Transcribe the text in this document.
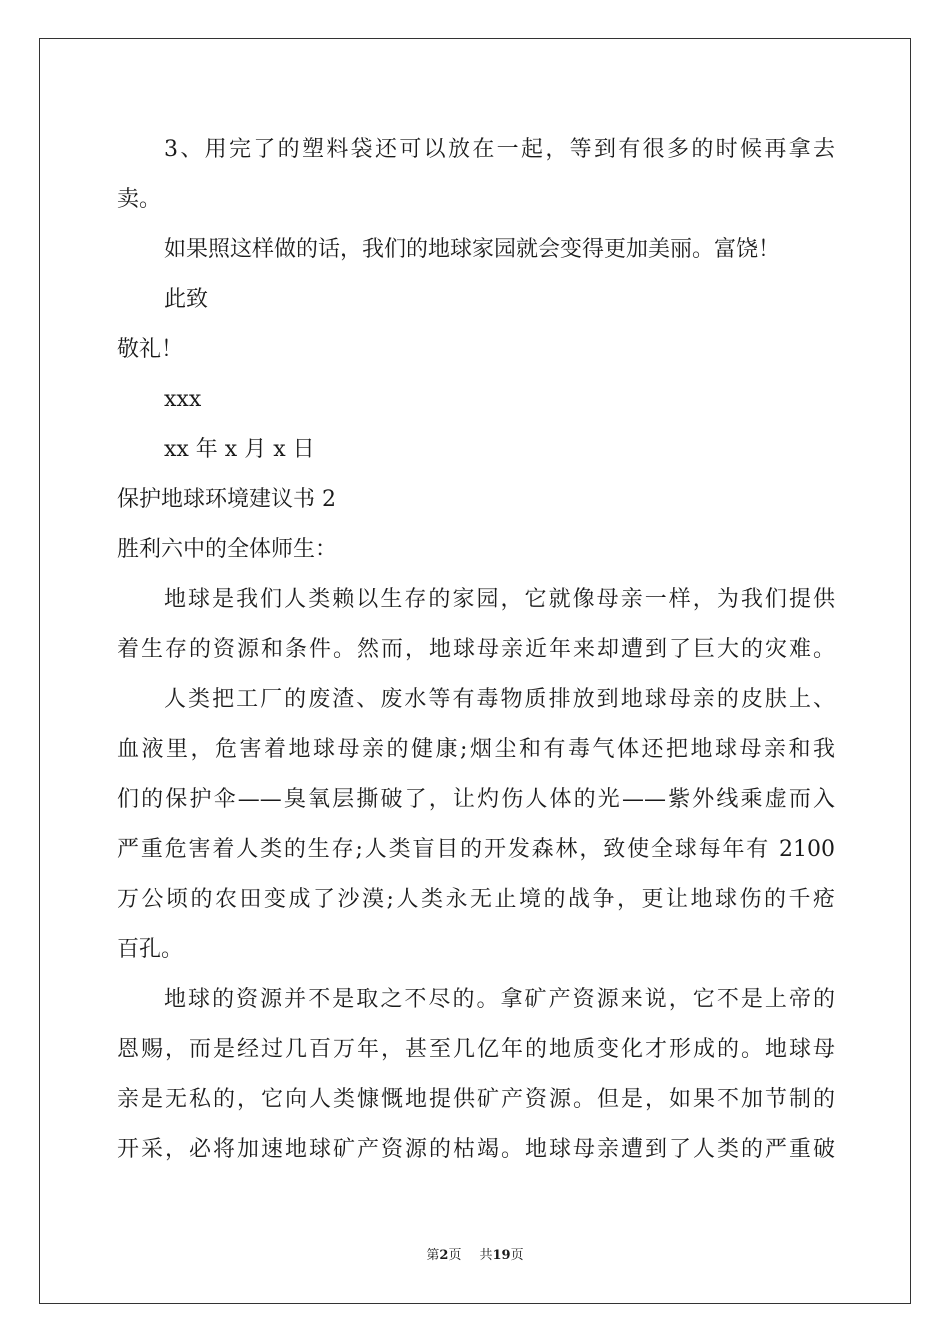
3、用完了的塑料袋还可以放在一起，等到有很多的时候再拿去
卖。
如果照这样做的话，我们的地球家园就会变得更加美丽。富饶！
此致
敬礼！
xxx
xx 年 x 月 x 日
保护地球环境建议书 2
胜利六中的全体师生：
地球是我们人类赖以生存的家园，它就像母亲一样，为我们提供
着生存的资源和条件。然而，地球母亲近年来却遭到了巨大的灾难。
人类把工厂的废渣、废水等有毒物质排放到地球母亲的皮肤上、
血液里，危害着地球母亲的健康;烟尘和有毒气体还把地球母亲和我
们的保护伞——臭氧层撕破了，让灼伤人体的光——紫外线乘虚而入
严重危害着人类的生存;人类盲目的开发森林，致使全球每年有 2100
万公顷的农田变成了沙漠;人类永无止境的战争，更让地球伤的千疮
百孔。
地球的资源并不是取之不尽的。拿矿产资源来说，它不是上帝的
恩赐，而是经过几百万年，甚至几亿年的地质变化才形成的。地球母
亲是无私的，它向人类慷慨地提供矿产资源。但是，如果不加节制的
开采，必将加速地球矿产资源的枯竭。地球母亲遭到了人类的严重破
第2页 共19页
